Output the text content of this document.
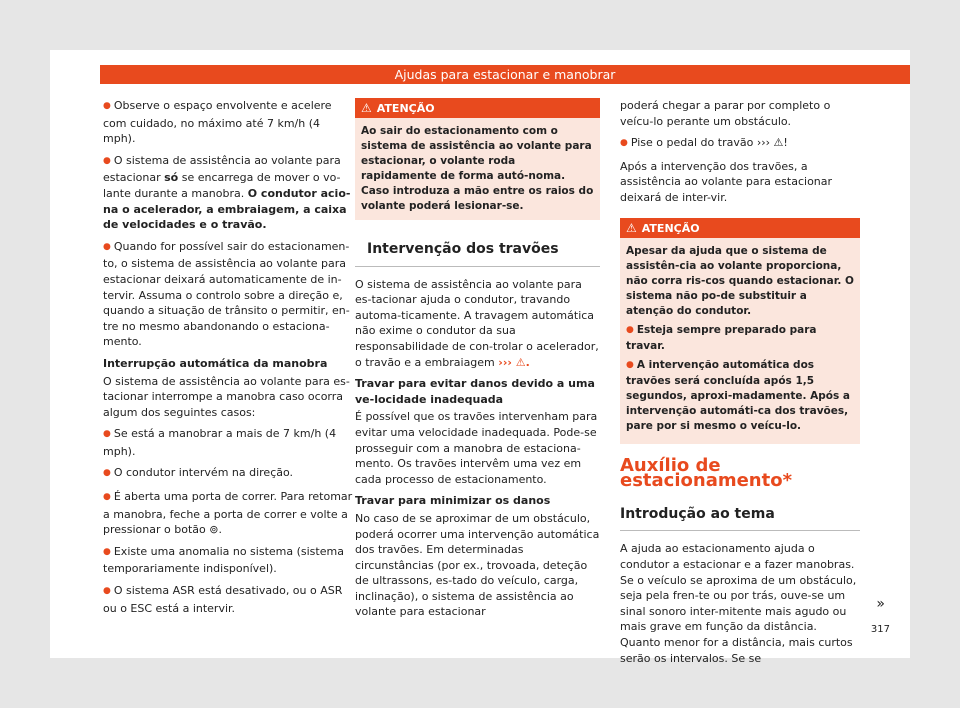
Ajudas para estacionar e manobrar

● Observe o espaço envolvente e acelere com cuidado, no máximo até 7 km/h (4 mph).

● O sistema de assistência ao volante para estacionar só se encarrega de mover o vo-lante durante a manobra. O condutor acio-na o acelerador, a embraiagem, a caixa de velocidades e o travão.

● Quando for possível sair do estacionamen-to, o sistema de assistência ao volante para estacionar deixará automaticamente de in-tervir. Assuma o controlo sobre a direção e, quando a situação de trânsito o permitir, en-tre no mesmo abandonando o estaciona-mento.

Interrupção automática da manobra

O sistema de assistência ao volante para es-tacionar interrompe a manobra caso ocorra algum dos seguintes casos:

● Se está a manobrar a mais de 7 km/h (4 mph).

● O condutor intervém na direção.

● É aberta uma porta de correr. Para retomar a manobra, feche a porta de correr e volte a pressionar o botão ⊚.

● Existe uma anomalia no sistema (sistema temporariamente indisponível).

● O sistema ASR está desativado, ou o ASR ou o ESC está a intervir.

⚠ ATENÇÃO
Ao sair do estacionamento com o sistema de assistência ao volante para estacionar, o volante roda rapidamente de forma autó-noma. Caso introduza a mão entre os raios do volante poderá lesionar-se.
Intervenção dos travões

O sistema de assistência ao volante para es-tacionar ajuda o condutor, travando automa-ticamente. A travagem automática não exime o condutor da sua responsabilidade de con-trolar o acelerador, o travão e a embraiagem ››› ⚠.

Travar para evitar danos devido a uma ve-locidade inadequada

É possível que os travões intervenham para evitar uma velocidade inadequada. Pode-se prosseguir com a manobra de estaciona-mento. Os travões intervêm uma vez em cada processo de estacionamento.

Travar para minimizar os danos

No caso de se aproximar de um obstáculo, poderá ocorrer uma intervenção automática dos travões. Em determinadas circunstâncias (por ex., trovoada, deteção de ultrassons, es-tado do veículo, carga, inclinação), o sistema de assistência ao volante para estacionar

poderá chegar a parar por completo o veícu-lo perante um obstáculo.

● Pise o pedal do travão ››› ⚠!

Após a intervenção dos travões, a assistência ao volante para estacionar deixará de inter-vir.

⚠ ATENÇÃO

Apesar da ajuda que o sistema de assistên-cia ao volante proporciona, não corra ris-cos quando estacionar. O sistema não po-de substituir a atenção do condutor.

● Esteja sempre preparado para travar.

● A intervenção automática dos travões será concluída após 1,5 segundos, aproxi-madamente. Após a intervenção automáti-ca dos travões, pare por si mesmo o veícu-lo.

Auxílio de estacionamento*
Introdução ao tema

A ajuda ao estacionamento ajuda o condutor a estacionar e a fazer manobras. Se o veículo se aproxima de um obstáculo, seja pela fren-te ou por trás, ouve-se um sinal sonoro inter-mitente mais agudo ou mais grave em função da distância. Quanto menor for a distância, mais curtos serão os intervalos. Se se

»
317
